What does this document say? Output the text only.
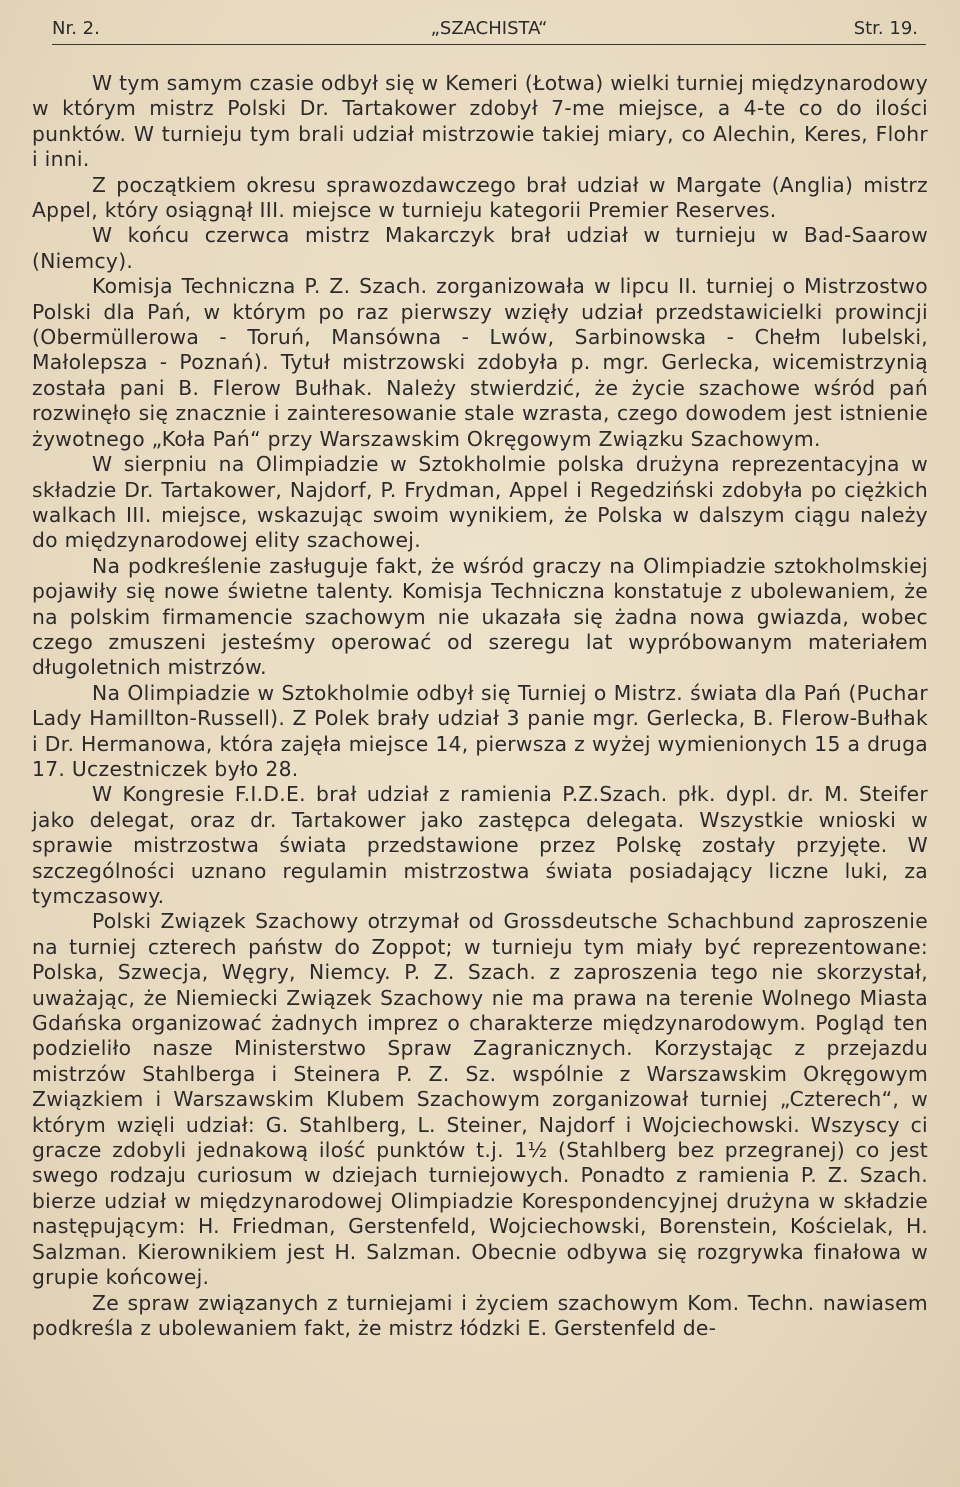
Nr. 2.	„SZACHISTA“	Str. 19.

W tym samym czasie odbył się w Kemeri (Łotwa) wielki turniej międzynarodowy w którym mistrz Polski Dr. Tartakower zdobył 7-me miejsce, a 4-te co do ilości punktów. W turnieju tym brali udział mistrzowie takiej miary, co Alechin, Keres, Flohr i inni.

Z początkiem okresu sprawozdawczego brał udział w Margate (Anglia) mistrz Appel, który osiągnął III. miejsce w turnieju kategorii Premier Reserves.

W końcu czerwca mistrz Makarczyk brał udział w turnieju w Bad-Saarow (Niemcy).

Komisja Techniczna P. Z. Szach. zorganizowała w lipcu II. turniej o Mistrzostwo Polski dla Pań, w którym po raz pierwszy wzięły udział przedstawicielki prowincji (Obermüllerowa - Toruń, Mansówna - Lwów, Sarbinowska - Chełm lubelski, Małolepsza - Poznań). Tytuł mistrzowski zdobyła p. mgr. Gerlecka, wicemistrzynią została pani B. Flerow Bułhak. Należy stwierdzić, że życie szachowe wśród pań rozwinęło się znacznie i zainteresowanie stale wzrasta, czego dowodem jest istnienie żywotnego „Koła Pań“ przy Warszawskim Okręgowym Związku Szachowym.

W sierpniu na Olimpiadzie w Sztokholmie polska drużyna reprezentacyjna w składzie Dr. Tartakower, Najdorf, P. Frydman, Appel i Regedziński zdobyła po ciężkich walkach III. miejsce, wskazując swoim wynikiem, że Polska w dalszym ciągu należy do międzynarodowej elity szachowej.

Na podkreślenie zasługuje fakt, że wśród graczy na Olimpiadzie sztokholmskiej pojawiły się nowe świetne talenty. Komisja Techniczna konstatuje z ubolewaniem, że na polskim firmamencie szachowym nie ukazała się żadna nowa gwiazda, wobec czego zmuszeni jesteśmy operować od szeregu lat wypróbowanym materiałem długoletnich mistrzów.

Na Olimpiadzie w Sztokholmie odbył się Turniej o Mistrz. świata dla Pań (Puchar Lady Hamillton-Russell). Z Polek brały udział 3 panie mgr. Gerlecka, B. Flerow-Bułhak i Dr. Hermanowa, która zajęła miejsce 14, pierwsza z wyżej wymienionych 15 a druga 17. Uczestniczek było 28.

W Kongresie F.I.D.E. brał udział z ramienia P.Z.Szach. płk. dypl. dr. M. Steifer jako delegat, oraz dr. Tartakower jako zastępca delegata. Wszystkie wnioski w sprawie mistrzostwa świata przedstawione przez Polskę zostały przyjęte. W szczególności uznano regulamin mistrzostwa świata posiadający liczne luki, za tymczasowy.

Polski Związek Szachowy otrzymał od Grossdeutsche Schachbund zaproszenie na turniej czterech państw do Zoppot; w turnieju tym miały być reprezentowane: Polska, Szwecja, Węgry, Niemcy. P. Z. Szach. z zaproszenia tego nie skorzystał, uważając, że Niemiecki Związek Szachowy nie ma prawa na terenie Wolnego Miasta Gdańska organizować żadnych imprez o charakterze międzynarodowym. Pogląd ten podzieliło nasze Ministerstwo Spraw Zagranicznych. Korzystając z przejazdu mistrzów Stahlberga i Steinera P. Z. Sz. wspólnie z Warszawskim Okręgowym Związkiem i Warszawskim Klubem Szachowym zorganizował turniej „Czterech“, w którym wzięli udział: G. Stahlberg, L. Steiner, Najdorf i Wojciechowski. Wszyscy ci gracze zdobyli jednakową ilość punktów t.j. 1½ (Stahlberg bez przegranej) co jest swego rodzaju curiosum w dziejach turniejowych. Ponadto z ramienia P. Z. Szach. bierze udział w międzynarodowej Olimpiadzie Korespondencyjnej drużyna w składzie następującym: H. Friedman, Gerstenfeld, Wojciechowski, Borenstein, Kościelak, H. Salzman. Kierownikiem jest H. Salzman. Obecnie odbywa się rozgrywka finałowa w grupie końcowej.

Ze spraw związanych z turniejami i życiem szachowym Kom. Techn. nawiasem podkreśla z ubolewaniem fakt, że mistrz łódzki E. Gerstenfeld de-
